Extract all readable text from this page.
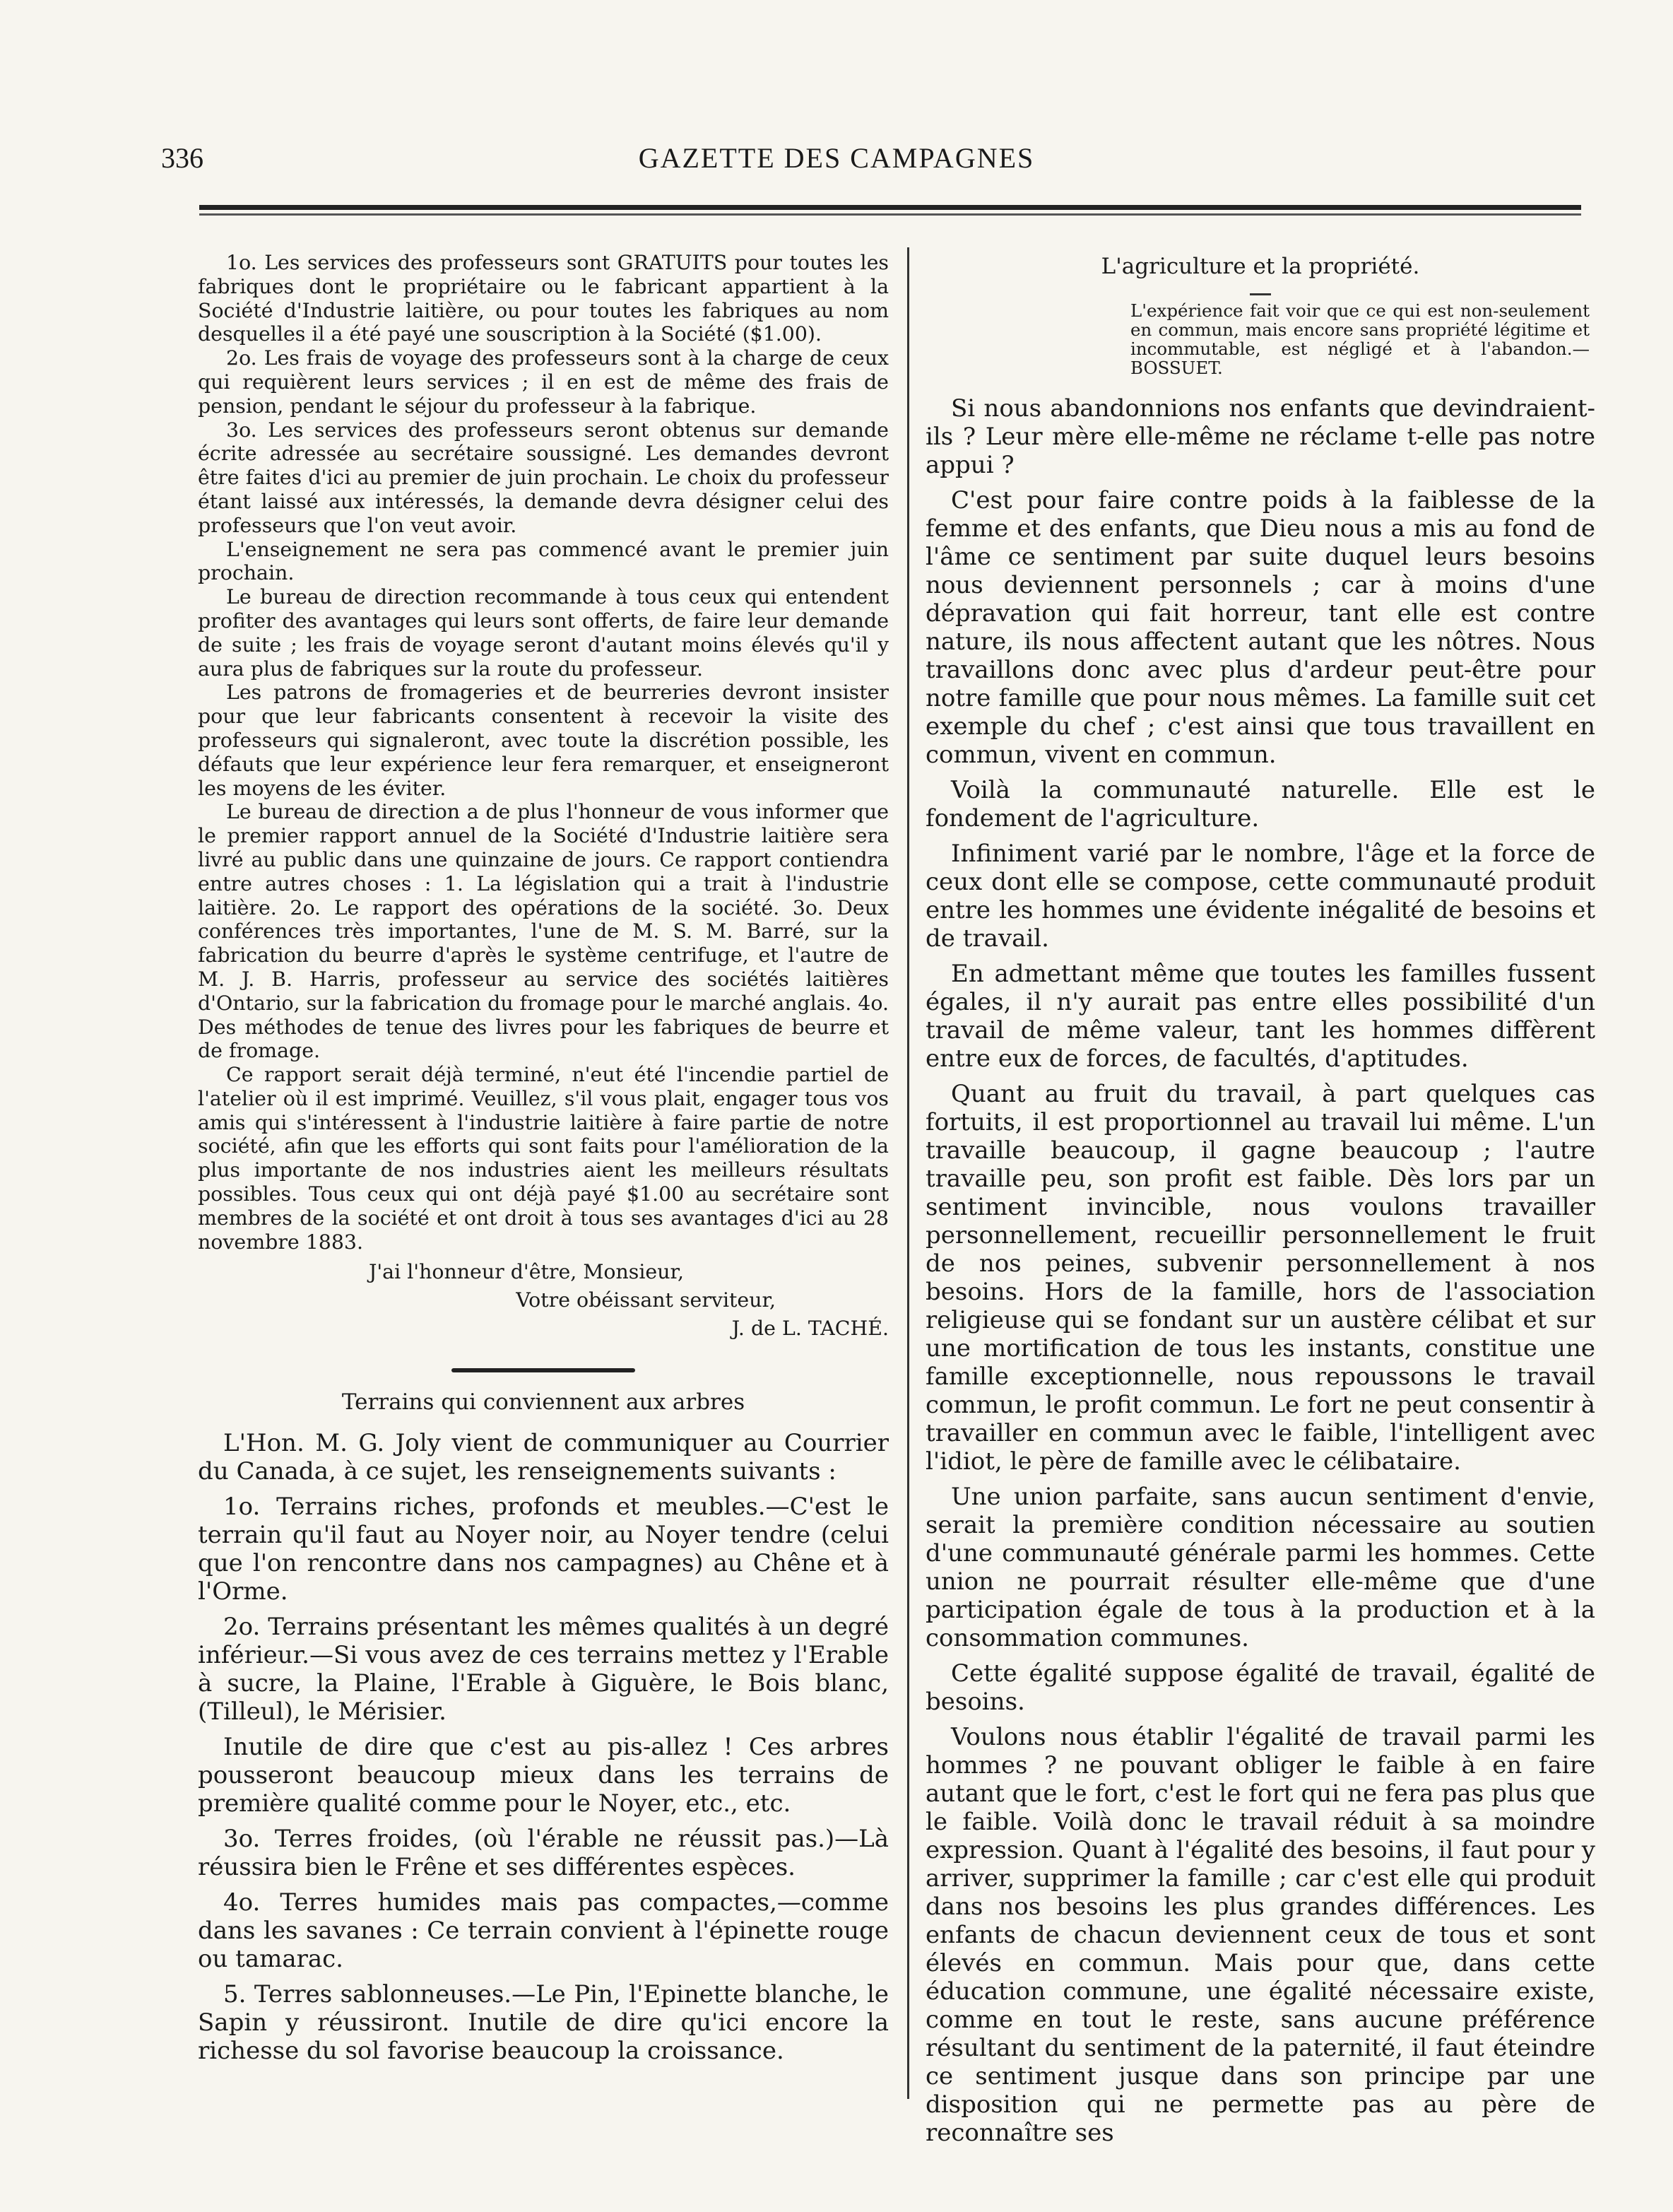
336	GAZETTE DES CAMPAGNES

1o. Les services des professeurs sont GRATUITS pour toutes les fabriques dont le propriétaire ou le fabricant appartient à la Société d'Industrie laitière, ou pour toutes les fabriques au nom desquelles il a été payé une souscription à la Société ($1.00).

2o. Les frais de voyage des professeurs sont à la charge de ceux qui requièrent leurs services ; il en est de même des frais de pension, pendant le séjour du professeur à la fabrique.

3o. Les services des professeurs seront obtenus sur demande écrite adressée au secrétaire soussigné. Les demandes devront être faites d'ici au premier de juin prochain. Le choix du professeur étant laissé aux intéressés, la demande devra désigner celui des professeurs que l'on veut avoir.

L'enseignement ne sera pas commencé avant le premier juin prochain.

Le bureau de direction recommande à tous ceux qui entendent profiter des avantages qui leurs sont offerts, de faire leur demande de suite ; les frais de voyage seront d'autant moins élevés qu'il y aura plus de fabriques sur la route du professeur.

Les patrons de fromageries et de beurreries devront insister pour que leur fabricants consentent à recevoir la visite des professeurs qui signaleront, avec toute la discrétion possible, les défauts que leur expérience leur fera remarquer, et enseigneront les moyens de les éviter.

Le bureau de direction a de plus l'honneur de vous informer que le premier rapport annuel de la Société d'Industrie laitière sera livré au public dans une quinzaine de jours. Ce rapport contiendra entre autres choses : 1. La législation qui a trait à l'industrie laitière. 2o. Le rapport des opérations de la société. 3o. Deux conférences très importantes, l'une de M. S. M. Barré, sur la fabrication du beurre d'après le système centrifuge, et l'autre de M. J. B. Harris, professeur au service des sociétés laitières d'Ontario, sur la fabrication du fromage pour le marché anglais. 4o. Des méthodes de tenue des livres pour les fabriques de beurre et de fromage.

Ce rapport serait déjà terminé, n'eut été l'incendie partiel de l'atelier où il est imprimé. Veuillez, s'il vous plait, engager tous vos amis qui s'intéressent à l'industrie laitière à faire partie de notre société, afin que les efforts qui sont faits pour l'amélioration de la plus importante de nos industries aient les meilleurs résultats possibles. Tous ceux qui ont déjà payé $1.00 au secrétaire sont membres de la société et ont droit à tous ses avantages d'ici au 28 novembre 1883.

J'ai l'honneur d'être, Monsieur,
Votre obéissant serviteur,
J. de L. TACHÉ.
Terrains qui conviennent aux arbres

L'Hon. M. G. Joly vient de communiquer au Courrier du Canada, à ce sujet, les renseignements suivants :

1o. Terrains riches, profonds et meubles.—C'est le terrain qu'il faut au Noyer noir, au Noyer tendre (celui que l'on rencontre dans nos campagnes) au Chêne et à l'Orme.

2o. Terrains présentant les mêmes qualités à un degré inférieur.—Si vous avez de ces terrains mettez y l'Erable à sucre, la Plaine, l'Erable à Giguère, le Bois blanc, (Tilleul), le Mérisier.

Inutile de dire que c'est au pis-allez ! Ces arbres pousseront beaucoup mieux dans les terrains de première qualité comme pour le Noyer, etc., etc.

3o. Terres froides, (où l'érable ne réussit pas.)—Là réussira bien le Frêne et ses différentes espèces.

4o. Terres humides mais pas compactes,—comme dans les savanes : Ce terrain convient à l'épinette rouge ou tamarac.

5. Terres sablonneuses.—Le Pin, l'Epinette blanche, le Sapin y réussiront. Inutile de dire qu'ici encore la richesse du sol favorise beaucoup la croissance.

L'agriculture et la propriété.
L'expérience fait voir que ce qui est non-seulement en commun, mais encore sans propriété légitime et incommutable, est négligé et à l'abandon.—BOSSUET.

Si nous abandonnions nos enfants que devindraient-ils ? Leur mère elle-même ne réclame t-elle pas notre appui ?

C'est pour faire contre poids à la faiblesse de la femme et des enfants, que Dieu nous a mis au fond de l'âme ce sentiment par suite duquel leurs besoins nous deviennent personnels ; car à moins d'une dépravation qui fait horreur, tant elle est contre nature, ils nous affectent autant que les nôtres. Nous travaillons donc avec plus d'ardeur peut-être pour notre famille que pour nous mêmes. La famille suit cet exemple du chef ; c'est ainsi que tous travaillent en commun, vivent en commun.

Voilà la communauté naturelle. Elle est le fondement de l'agriculture.

Infiniment varié par le nombre, l'âge et la force de ceux dont elle se compose, cette communauté produit entre les hommes une évidente inégalité de besoins et de travail.

En admettant même que toutes les familles fussent égales, il n'y aurait pas entre elles possibilité d'un travail de même valeur, tant les hommes diffèrent entre eux de forces, de facultés, d'aptitudes.

Quant au fruit du travail, à part quelques cas fortuits, il est proportionnel au travail lui même. L'un travaille beaucoup, il gagne beaucoup ; l'autre travaille peu, son profit est faible. Dès lors par un sentiment invincible, nous voulons travailler personnellement, recueillir personnellement le fruit de nos peines, subvenir personnellement à nos besoins. Hors de la famille, hors de l'association religieuse qui se fondant sur un austère célibat et sur une mortification de tous les instants, constitue une famille exceptionnelle, nous repoussons le travail commun, le profit commun. Le fort ne peut consentir à travailler en commun avec le faible, l'intelligent avec l'idiot, le père de famille avec le célibataire.

Une union parfaite, sans aucun sentiment d'envie, serait la première condition nécessaire au soutien d'une communauté générale parmi les hommes. Cette union ne pourrait résulter elle-même que d'une participation égale de tous à la production et à la consommation communes.

Cette égalité suppose égalité de travail, égalité de besoins.

Voulons nous établir l'égalité de travail parmi les hommes ? ne pouvant obliger le faible à en faire autant que le fort, c'est le fort qui ne fera pas plus que le faible. Voilà donc le travail réduit à sa moindre expression. Quant à l'égalité des besoins, il faut pour y arriver, supprimer la famille ; car c'est elle qui produit dans nos besoins les plus grandes différences. Les enfants de chacun deviennent ceux de tous et sont élevés en commun. Mais pour que, dans cette éducation commune, une égalité nécessaire existe, comme en tout le reste, sans aucune préférence résultant du sentiment de la paternité, il faut éteindre ce sentiment jusque dans son principe par une disposition qui ne permette pas au père de reconnaître ses
